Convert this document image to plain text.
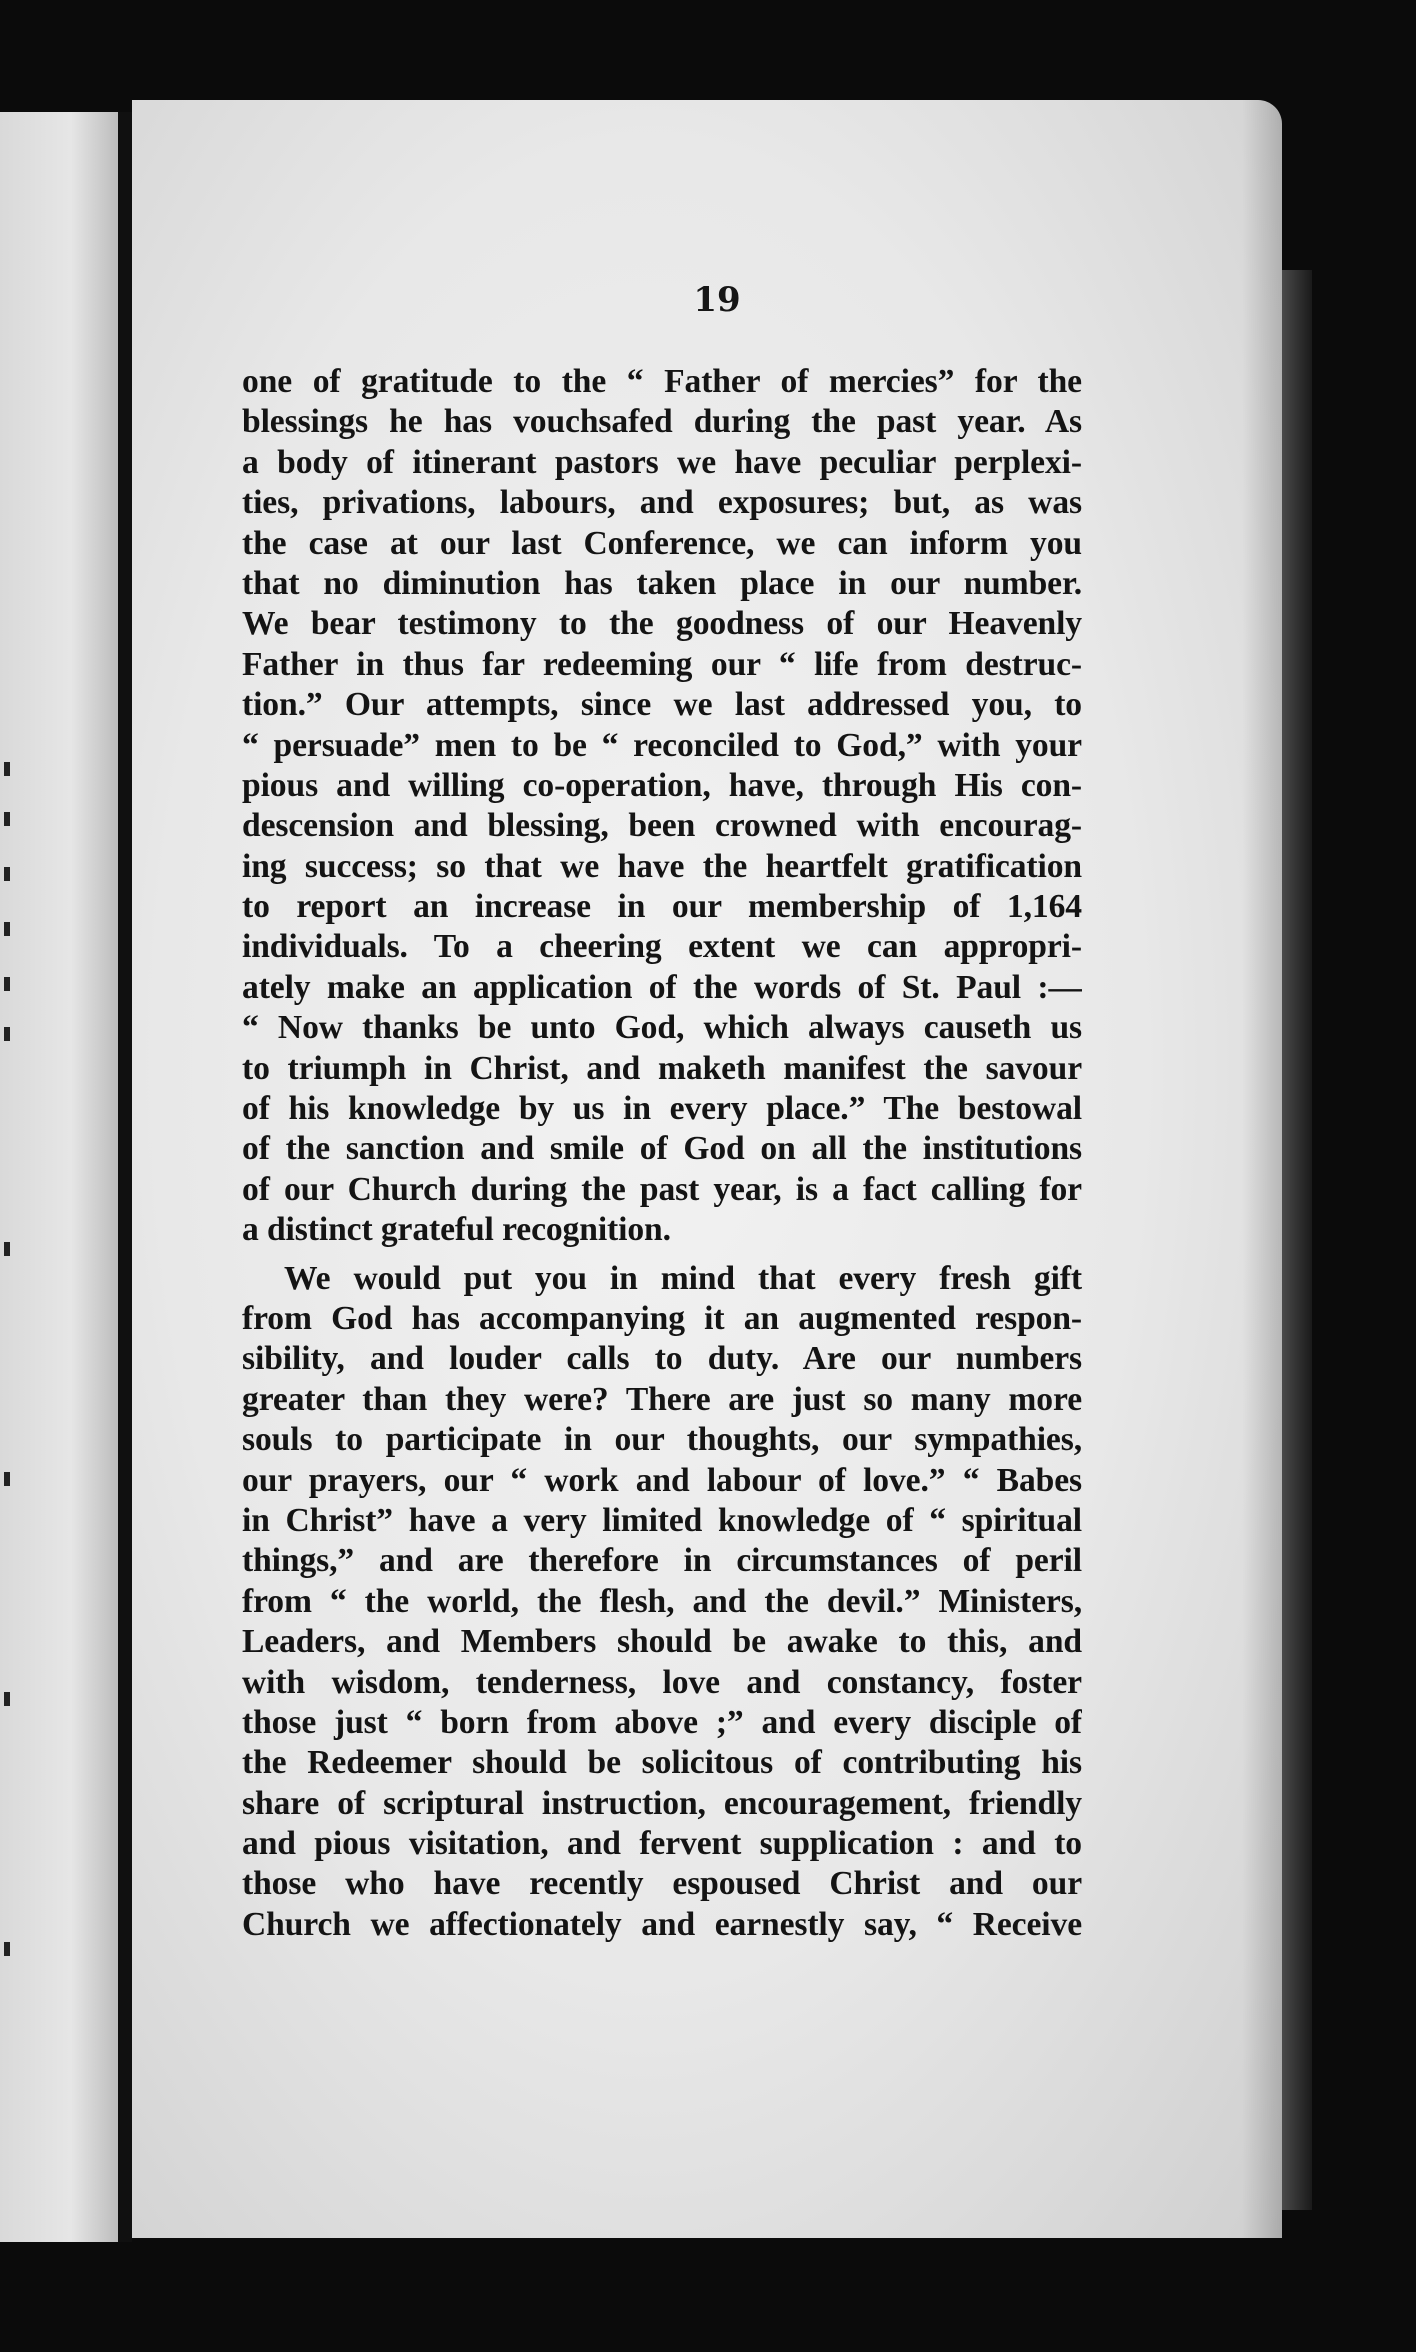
19
one of gratitude to the “ Father of mercies” for the
blessings he has vouchsafed during the past year. As
a body of itinerant pastors we have peculiar perplexi-
ties, privations, labours, and exposures; but, as was
the case at our last Conference, we can inform you
that no diminution has taken place in our number.
We bear testimony to the goodness of our Heavenly
Father in thus far redeeming our “ life from destruc-
tion.” Our attempts, since we last addressed you, to
“ persuade” men to be “ reconciled to God,” with your
pious and willing co-operation, have, through His con-
descension and blessing, been crowned with encourag-
ing success; so that we have the heartfelt gratification
to report an increase in our membership of 1,164
individuals. To a cheering extent we can appropri-
ately make an application of the words of St. Paul :—
“ Now thanks be unto God, which always causeth us
to triumph in Christ, and maketh manifest the savour
of his knowledge by us in every place.” The bestowal
of the sanction and smile of God on all the institutions
of our Church during the past year, is a fact calling for
a distinct grateful recognition.
We would put you in mind that every fresh gift
from God has accompanying it an augmented respon-
sibility, and louder calls to duty. Are our numbers
greater than they were? There are just so many more
souls to participate in our thoughts, our sympathies,
our prayers, our “ work and labour of love.” “ Babes
in Christ” have a very limited knowledge of “ spiritual
things,” and are therefore in circumstances of peril
from “ the world, the flesh, and the devil.” Ministers,
Leaders, and Members should be awake to this, and
with wisdom, tenderness, love and constancy, foster
those just “ born from above ;” and every disciple of
the Redeemer should be solicitous of contributing his
share of scriptural instruction, encouragement, friendly
and pious visitation, and fervent supplication : and to
those who have recently espoused Christ and our
Church we affectionately and earnestly say, “ Receive
